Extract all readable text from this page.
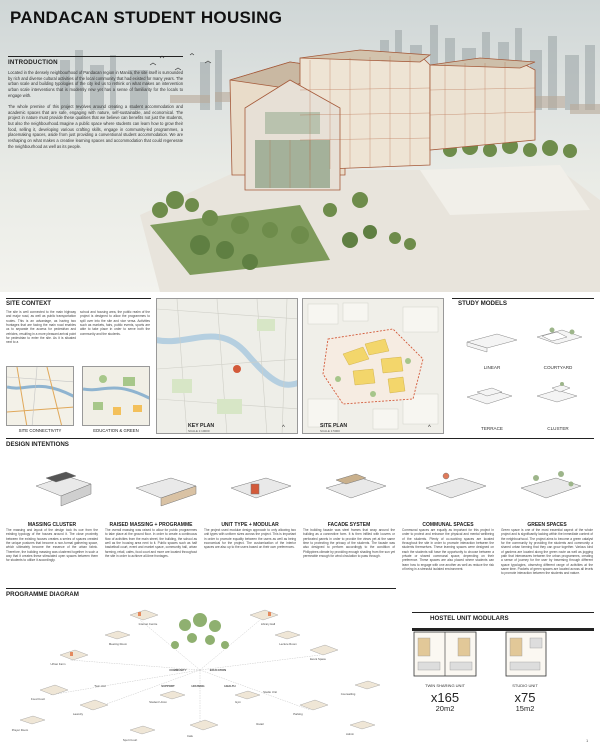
PANDACAN STUDENT HOUSING
INTRODUCTION
Located in the densely neighbourhood of Pandacan region in Manila, the site itself is surrounded by rich and diverse cultural activities of the local community that had existed for many years. The urban scale and building typologies of the city led us to rethink on what makes an intervention urban scale interventions that is modernly new yet has a sense of familiarity for the locals to engage with.
The whole premise of this project revolves around creating a student accommodation and academic spaces that are safe, engaging with nature, self-sustainable, and economical. The project in nature must provide these qualities that we believe can benefits not just the students, but also the neighbourhood.Imagine a public space where students can learn how to grow their food, selling it, developing various crafting skills, engage in community-led programmes, a placemaking spaces, aside from just providing a conventional student accommodation. We are reshaping on what makes a creative learning spaces and accommodation that could regenerate the neighbourhood as well as its people.
SITE CONTEXT
The site is well connected to the main highway and major road, as well as public transportation routes. This is an advantage, as having two frontages that are facing the main road enables us to separate the access for pedestrian and vehicles, resulting in a more pleasant arrival point for pedestrian to enter the site. As it is situated next to a
school and housing area, the public realm of the project is designed to allow the programmes to spill over into the site and vice versa. Activities such as markets, fairs, public events, sports are able to take place in order to serve both the community and the students.
SITE CONNECTIVITY	EDUCATION & GREEN
KEY PLAN
SCALE 1:10000	^	SITE PLAN
SCALE 1:5000	^
STUDY MODELS
LINEAR	COURTYARD
TERRACE	CLUSTER
DESIGN INTENTIONS
MASSING CLUSTER
The massing and layout of the design took its cue from the existing typology of the houses around it. The close proximity between the existing houses creates a series of spaces created the unique postures that become a non-formal gathering space, which ultimately become the essence of the urban fabric. Therefore, the building massing was clustered together in such a way that it creates these stimulated open spaces between them for students to utilize it accordingly.
RAISED MASSING + PROGRAMME
The overall massing was raised to allow for public programmes to take place at the ground floor. In order to create a continuous flow of activities from the main street, the building, the school as well as the housing area next to it. Public spaces such as half basketball court, event and market space, community hall, urban farming, retail, cafes, food court and more are located throughout the site in order to achieve all-time frontages.
UNIT TYPE + MODULAR
The project used modular design approach to only allowing two unit types with uniform sizes across the project. This is important in order to promote equality between the users as well as being economical for the project. The customization of the interior spaces are also up to the users based on their own preferences.
FACADE SYSTEM
The building facade was steel frames that wrap around the building as a connective form. It is then infilled with louvers or perforated panels in order to provide the views yet at the same time to protecting the privacy of the students. The facade was also designed to perform accordingly to the condition of Philippines climate by providing enough shading from the sun yet permeable enough for wind circulation to pass through.
COMMUNAL SPACES
Communal spaces are equally as important for this project in order to protect and enhance the physical and mental wellbeing of the students. Plenty of co-working spaces are located throughout the site in order to promote interaction between the students themselves. These learning spaces were designed on each the students will have the opportunity to choose between a private or shared communal space, depending on their preference. These spaces are also placed where students can learn how to engage with one another as well as reduce the risk of being in a stressful isolated environment.
GREEN SPACES
Green space is one of the most essential aspect of the whole project and is significantly lacking within the immediate context of the neighbourhood. The project aims to become a green catalyst for the community by providing the students and community a shared urban farming that they can grow together. Various kind of gardens are located along the green route as well as jogging path that interweaves between the urban programmes, creating a sense of journey for the user by traversing through different space typologies, observing different range of activities at the same time. Pockets of green spaces are located across all levels to promote interaction between the students and nature.
PROGRAMME DIAGRAM
Internet Centre	Library Hall
Meeting Room	Lecture Room
Urban Farm
Event Space
COMMUNITY	EDUCATION
Food Court
SUPPORT
Laundry	Parking
HOUSING
Student Union
HEALTH
Gym
Counselling
Prayer Room
Admin
Sport Court
Cafe
Retail
Twin Unit
Studio Unit
HOSTEL UNIT MODULARS
TWIN SHARING UNIT
x165
20m2
STUDIO UNIT
x75
15m2
1
